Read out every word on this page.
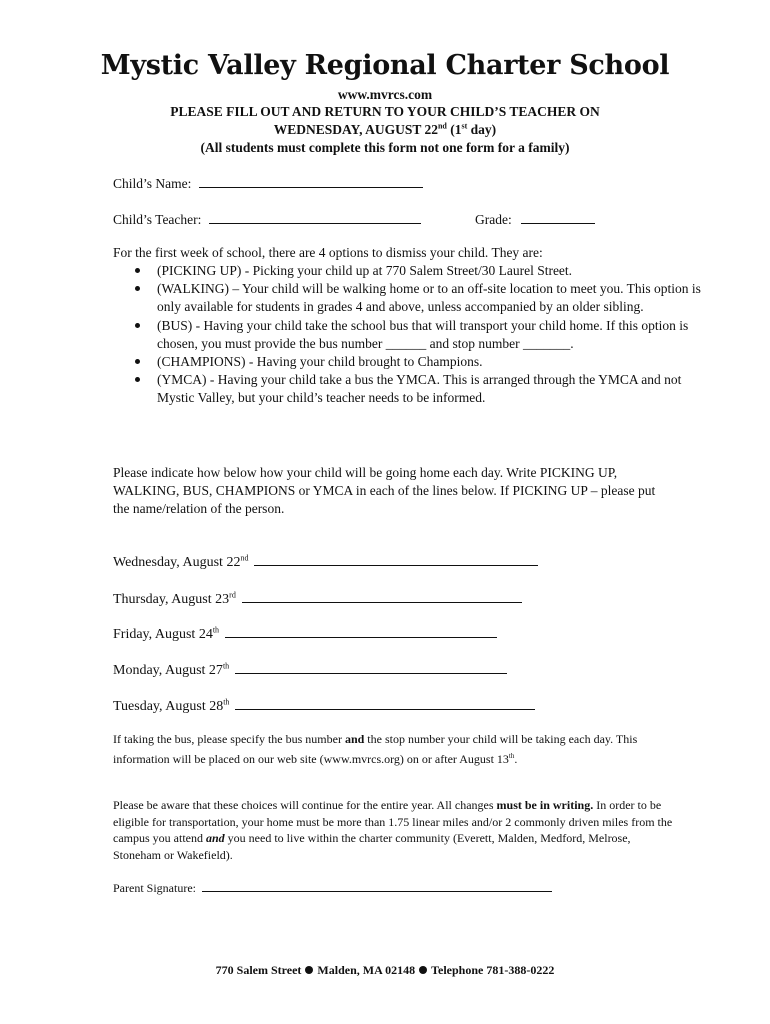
Mystic Valley Regional Charter School
www.mvrcs.com
PLEASE FILL OUT AND RETURN TO YOUR CHILD’S TEACHER ON
WEDNESDAY, AUGUST 22nd (1st day)
(All students must complete this form not one form for a family)
Child’s Name:
Child’s Teacher:	Grade:
For the first week of school, there are 4 options to dismiss your child. They are:
(PICKING UP) - Picking your child up at 770 Salem Street/30 Laurel Street.
(WALKING) – Your child will be walking home or to an off-site location to meet you. This option is only available for students in grades 4 and above, unless accompanied by an older sibling.
(BUS) - Having your child take the school bus that will transport your child home. If this option is chosen, you must provide the bus number ______ and stop number _______.
(CHAMPIONS) - Having your child brought to Champions.
(YMCA) - Having your child take a bus the YMCA. This is arranged through the YMCA and not Mystic Valley, but your child’s teacher needs to be informed.
Please indicate how below how your child will be going home each day. Write PICKING UP, WALKING, BUS, CHAMPIONS or YMCA in each of the lines below. If PICKING UP – please put the name/relation of the person.
Wednesday, August 22nd
Thursday, August 23rd
Friday, August 24th
Monday, August 27th
Tuesday, August 28th
If taking the bus, please specify the bus number and the stop number your child will be taking each day. This information will be placed on our web site (www.mvrcs.org) on or after August 13th.
Please be aware that these choices will continue for the entire year. All changes must be in writing. In order to be eligible for transportation, your home must be more than 1.75 linear miles and/or 2 commonly driven miles from the campus you attend and you need to live within the charter community (Everett, Malden, Medford, Melrose, Stoneham or Wakefield).
Parent Signature:
770 Salem Street Malden, MA 02148 Telephone 781-388-0222
